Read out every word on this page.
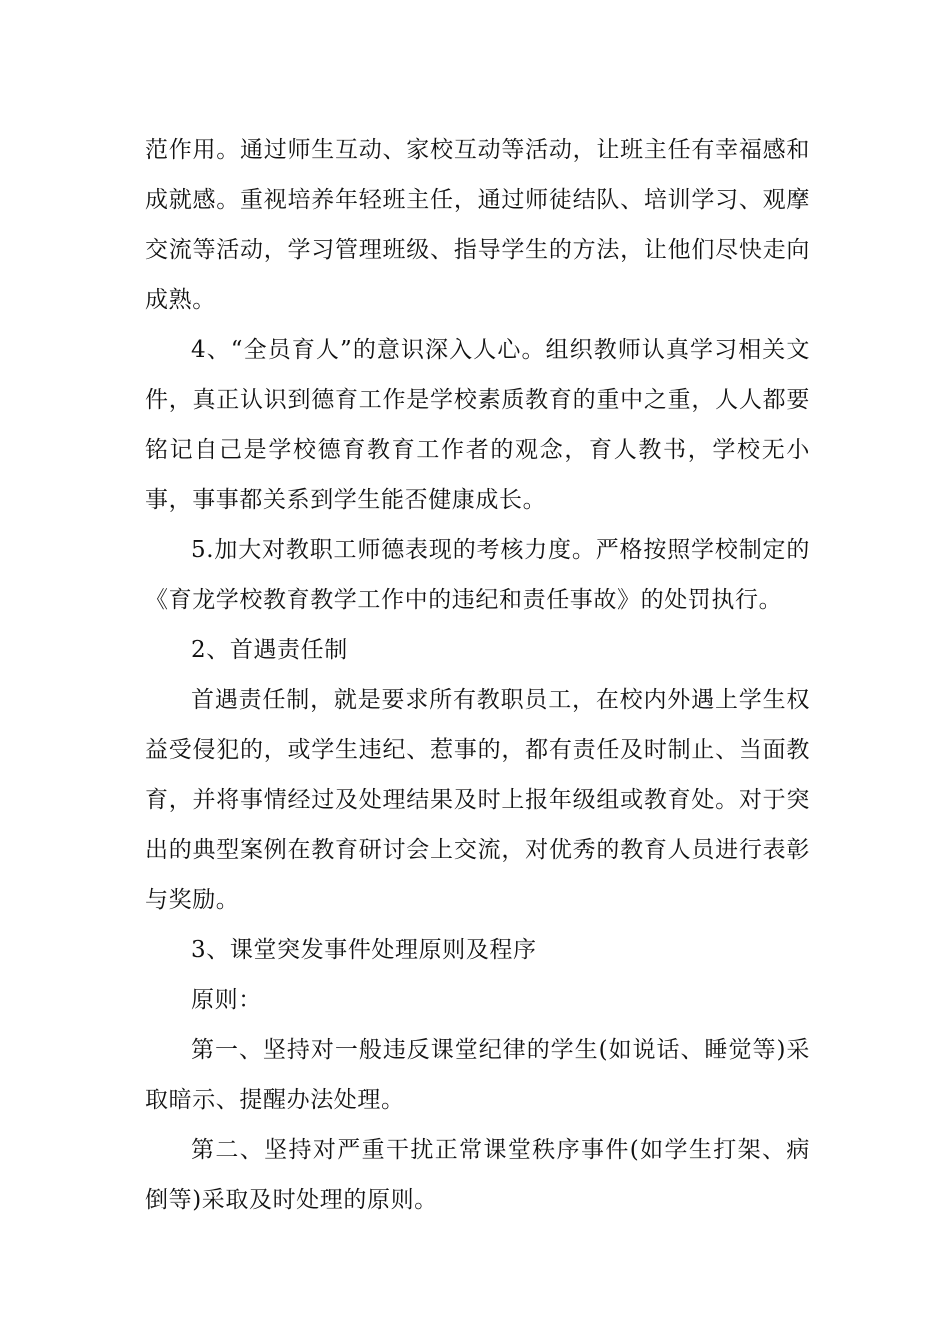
范作用。通过师生互动、家校互动等活动，让班主任有幸福感和成就感。重视培养年轻班主任，通过师徒结队、培训学习、观摩交流等活动，学习管理班级、指导学生的方法，让他们尽快走向成熟。

4、“全员育人”的意识深入人心。组织教师认真学习相关文件，真正认识到德育工作是学校素质教育的重中之重，人人都要铭记自己是学校德育教育工作者的观念，育人教书，学校无小事，事事都关系到学生能否健康成长。

5.加大对教职工师德表现的考核力度。严格按照学校制定的《育龙学校教育教学工作中的违纪和责任事故》的处罚执行。

2、首遇责任制

首遇责任制，就是要求所有教职员工，在校内外遇上学生权益受侵犯的，或学生违纪、惹事的，都有责任及时制止、当面教育，并将事情经过及处理结果及时上报年级组或教育处。对于突出的典型案例在教育研讨会上交流，对优秀的教育人员进行表彰与奖励。

3、课堂突发事件处理原则及程序

原则：

第一、坚持对一般违反课堂纪律的学生(如说话、睡觉等)采取暗示、提醒办法处理。

第二、坚持对严重干扰正常课堂秩序事件(如学生打架、病倒等)采取及时处理的原则。
